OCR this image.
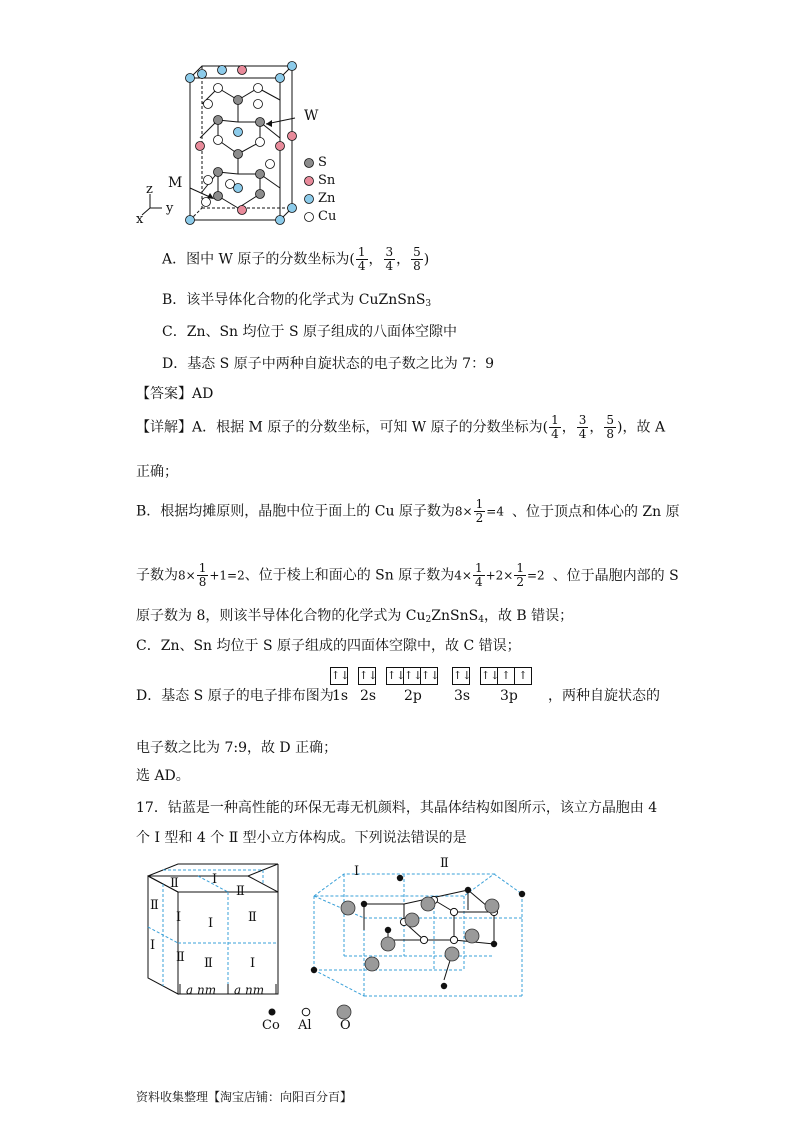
W
M
z
y
x
S
Sn
Zn
Cu
A．图中 W 原子的分数坐标为( $\frac{1}{4}$ ， $\frac{3}{4}$ ， $\frac{5}{8}$ )
B．该半导体化合物的化学式为 CuZnSnS$_3$
C．Zn、Sn 均位于 S 原子组成的八面体空隙中
D．基态 S 原子中两种自旋状态的电子数之比为 7：9
【答案】AD
【详解】A．根据 M 原子的分数坐标，可知 W 原子的分数坐标为( $\frac{1}{4}$ ， $\frac{3}{4}$ ， $\frac{5}{8}$ )，故 A
正确；
B．根据均摊原则，晶胞中位于面上的 Cu 原子数为$8\times \frac{1}{2} =4$ 、位于顶点和体心的 Zn 原
子数为$8\times \frac{1}{8} +1=2$、位于棱上和面心的 Sn 原子数为$4\times \frac{1}{4} +2\times \frac{1}{2} =2$ 、位于晶胞内部的 S
原子数为 8，则该半导体化合物的化学式为 $Cu_2ZnSnS_4$，故 B 错误；
C．Zn、Sn 均位于 S 原子组成的四面体空隙中，故 C 错误；
D．基态 S 原子的电子排布图为
↑↓ ↑↓ ↑↓↑↓↑↓ ↑↓ ↑↓ ↑ ↑
1s 2s 2p 3s 3p ，两种自旋状态的
电子数之比为 7:9，故 D 正确；
选 AD。
17．钴蓝是一种高性能的环保无毒无机颜料，其晶体结构如图所示，该立方晶胞由 4
个 Ⅰ 型和 4 个 Ⅱ 型小立方体构成。下列说法错误的是
Ⅱ	Ⅰ
Ⅱ
Ⅱ
Ⅰ Ⅰ	Ⅱ
Ⅰ
Ⅱ Ⅱ	Ⅰ
a nm a nm
Ⅰ
Ⅱ
Co Al O
资料收集整理【淘宝店铺：向阳百分百】
